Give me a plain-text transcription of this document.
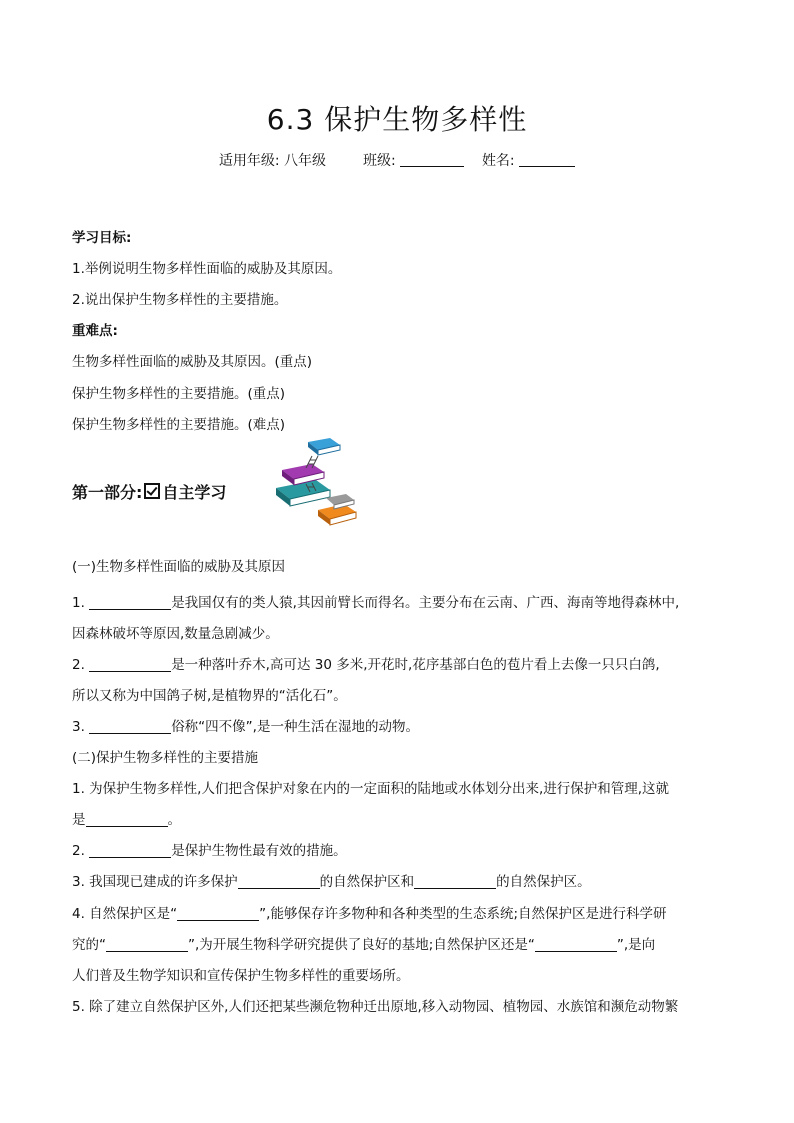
6.3 保护生物多样性
适用年级: 八年级	班级:	姓名:
学习目标:
1.举例说明生物多样性面临的威胁及其原因。
2.说出保护生物多样性的主要措施。
重难点:
生物多样性面临的威胁及其原因。(重点)
保护生物多样性的主要措施。(重点)
保护生物多样性的主要措施。(难点)
第一部分: 自主学习
(一)生物多样性面临的威胁及其原因
1.	是我国仅有的类人猿,其因前臂长而得名。主要分布在云南、广西、海南等地得森林中,
因森林破坏等原因,数量急剧减少。
2.	是一种落叶乔木,高可达 30 多米,开花时,花序基部白色的苞片看上去像一只只白鸽,
所以又称为中国鸽子树,是植物界的“活化石”。
3.	俗称“四不像”,是一种生活在湿地的动物。
(二)保护生物多样性的主要措施
1. 为保护生物多样性,人们把含保护对象在内的一定面积的陆地或水体划分出来,进行保护和管理,这就
是	。
2.	是保护生物性最有效的措施。
3. 我国现已建成的许多保护	的自然保护区和	的自然保护区。
4. 自然保护区是“	”,能够保存许多物种和各种类型的生态系统;自然保护区是进行科学研
究的“	”,为开展生物科学研究提供了良好的基地;自然保护区还是“	”,是向
人们普及生物学知识和宣传保护生物多样性的重要场所。
5. 除了建立自然保护区外,人们还把某些濒危物种迁出原地,移入动物园、植物园、水族馆和濒危动物繁
